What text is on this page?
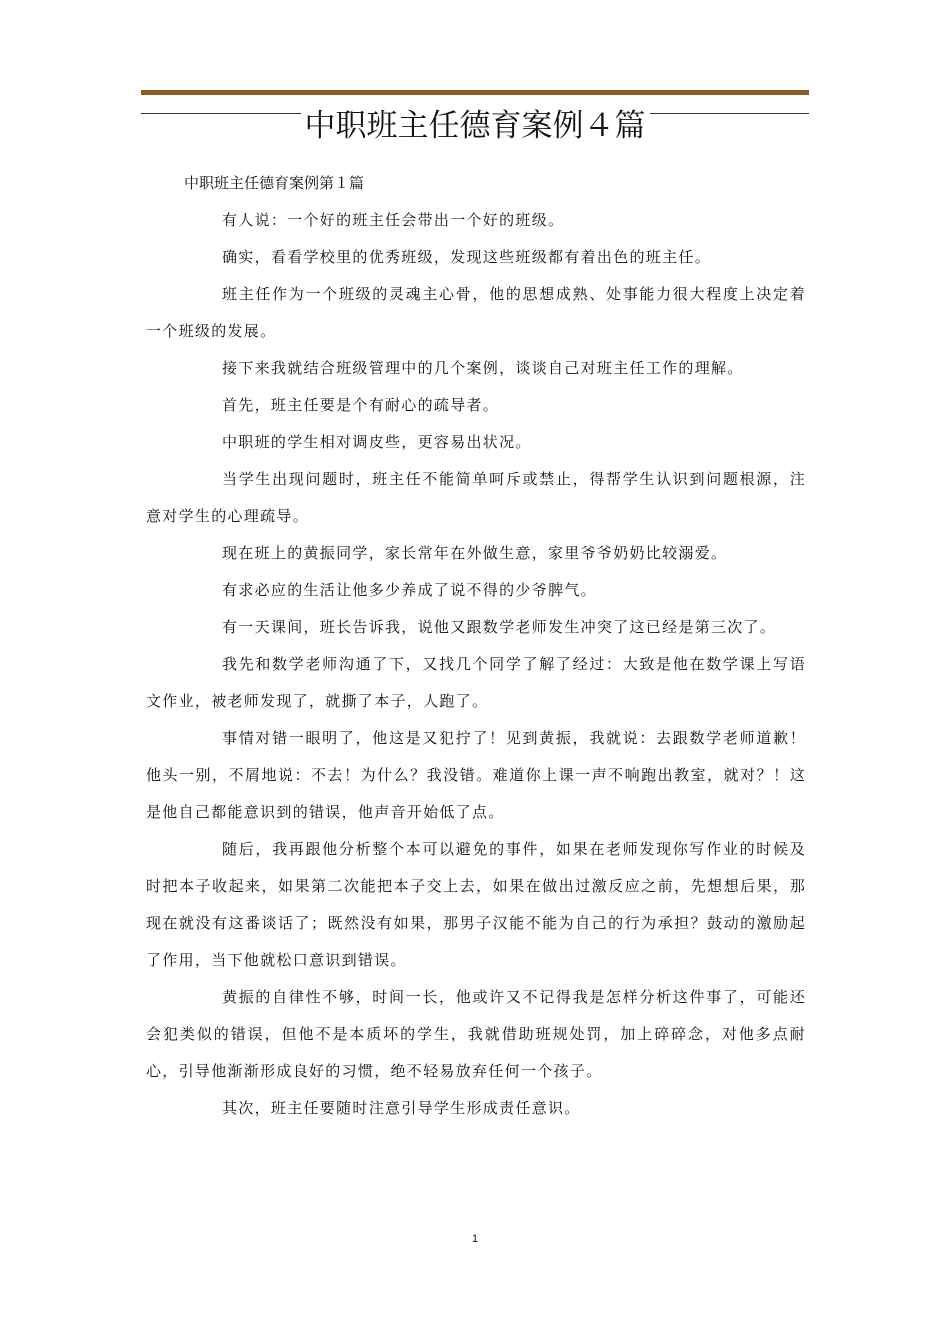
中职班主任德育案例４篇
中职班主任德育案例第１篇

有人说：一个好的班主任会带出一个好的班级。

确实，看看学校里的优秀班级，发现这些班级都有着出色的班主任。

班主任作为一个班级的灵魂主心骨，他的思想成熟、处事能力很大程度上决定着一个班级的发展。

接下来我就结合班级管理中的几个案例，谈谈自己对班主任工作的理解。

首先，班主任要是个有耐心的疏导者。

中职班的学生相对调皮些，更容易出状况。

当学生出现问题时，班主任不能简单呵斥或禁止，得帮学生认识到问题根源，注意对学生的心理疏导。

现在班上的黄振同学，家长常年在外做生意，家里爷爷奶奶比较溺爱。

有求必应的生活让他多少养成了说不得的少爷脾气。

有一天课间，班长告诉我，说他又跟数学老师发生冲突了这已经是第三次了。

我先和数学老师沟通了下，又找几个同学了解了经过：大致是他在数学课上写语文作业，被老师发现了，就撕了本子，人跑了。

事情对错一眼明了，他这是又犯拧了！见到黄振，我就说：去跟数学老师道歉！他头一别，不屑地说：不去！为什么？我没错。难道你上课一声不响跑出教室，就对？！这是他自己都能意识到的错误，他声音开始低了点。

随后，我再跟他分析整个本可以避免的事件，如果在老师发现你写作业的时候及时把本子收起来，如果第二次能把本子交上去，如果在做出过激反应之前，先想想后果，那现在就没有这番谈话了；既然没有如果，那男子汉能不能为自己的行为承担？鼓动的激励起了作用，当下他就松口意识到错误。

黄振的自律性不够，时间一长，他或许又不记得我是怎样分析这件事了，可能还会犯类似的错误，但他不是本质坏的学生，我就借助班规处罚，加上碎碎念，对他多点耐心，引导他渐渐形成良好的习惯，绝不轻易放弃任何一个孩子。

其次，班主任要随时注意引导学生形成责任意识。

1
